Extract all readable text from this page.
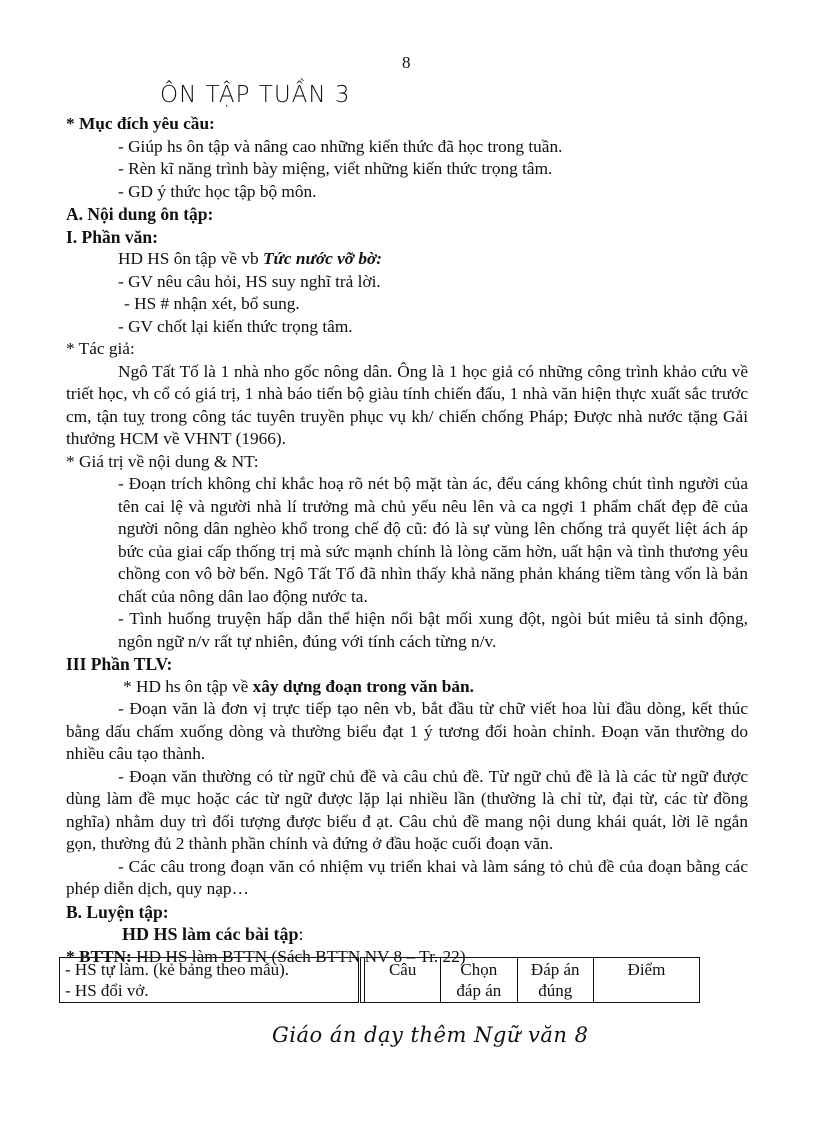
8
ÔN TẬP TUẦN 3
* Mục đích yêu cầu:
- Giúp hs ôn tập và nâng cao những kiến thức đã học trong tuần.
- Rèn kĩ năng trình bày miệng, viết những kiến thức trọng tâm.
- GD ý thức học tập bộ môn.
A. Nội dung ôn tập:
I. Phần văn:
HD HS ôn tập về vb Tức nước vỡ bờ:
- GV nêu câu hỏi, HS suy nghĩ trả lời.
- HS # nhận xét, bổ sung.
- GV chốt lại kiến thức trọng tâm.
* Tác giả:
Ngô Tất Tố là 1 nhà nho gốc nông dân. Ông là 1 học giả có những công trình khảo cứu về triết học, vh cổ có giá trị, 1 nhà báo tiến bộ giàu tính chiến đấu, 1 nhà văn hiện thực xuất sắc trước cm, tận tuỵ trong công tác tuyên truyền phục vụ kh/ chiến chống Pháp; Được nhà nước tặng Gải thưởng HCM về VHNT (1966).
* Giá trị về nội dung & NT:
- Đoạn trích không chỉ khắc hoạ rõ nét bộ mặt tàn ác, đểu cáng không chút tình người của tên cai lệ và người nhà lí trưởng mà chủ yếu nêu lên và ca ngợi 1 phẩm chất đẹp đẽ của người nông dân nghèo khổ trong chế độ cũ: đó là sự vùng lên chống trả quyết liệt ách áp bức của giai cấp thống trị mà sức mạnh chính là lòng căm hờn, uất hận và tình thương yêu chồng con vô bờ bến. Ngô Tất Tố đã nhìn thấy khả năng phản kháng tiềm tàng vốn là bản chất của nông dân lao động nước ta.
- Tình huống truyện hấp dẫn thể hiện nổi bật mối xung đột, ngòi bút miêu tả sinh động, ngôn ngữ n/v rất tự nhiên, đúng với tính cách từng n/v.
III Phần TLV:
* HD hs ôn tập về xây dựng đoạn trong văn bản.
- Đoạn văn là đơn vị trực tiếp tạo nên vb, bắt đầu từ chữ viết hoa lùi đầu dòng, kết thúc bằng dấu chấm xuống dòng và thường biểu đạt 1 ý tương đối hoàn chỉnh. Đoạn văn thường do nhiều câu tạo thành.
- Đoạn văn thường có từ ngữ chủ đề và câu chủ đề. Từ ngữ chủ đề là là các từ ngữ được dùng làm đề mục hoặc các từ ngữ được lặp lại nhiều lần (thường là chỉ từ, đại từ, các từ đồng nghĩa) nhằm duy trì đối tượng được biểu đ ạt. Câu chủ đề mang nội dung khái quát, lời lẽ ngắn gọn, thường đủ 2 thành phần chính và đứng ở đầu hoặc cuối đoạn văn.
- Các câu trong đoạn văn có nhiệm vụ triển khai và làm sáng tỏ chủ đề của đoạn bằng các phép diễn dịch, quy nạp…
B. Luyện tập:
HD HS làm các bài tập:
* BTTN: HD HS làm BTTN (Sách BTTN NV 8 – Tr. 22)
- HS tự làm. (kẻ bảng theo mẫu).
- HS đổi vở.
		Câu	Chọn đáp án	Đáp án đúng	Điểm
Giáo án dạy thêm Ngữ văn 8
